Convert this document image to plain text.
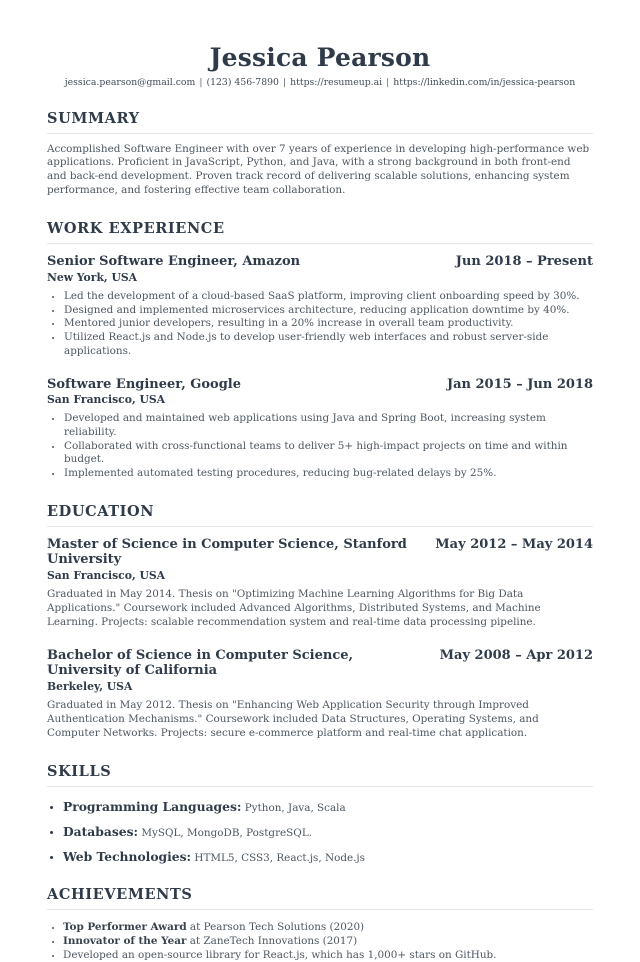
Jessica Pearson
jessica.pearson@gmail.com | (123) 456-7890 | https://resumeup.ai | https://linkedin.com/in/jessica-pearson
SUMMARY

Accomplished Software Engineer with over 7 years of experience in developing high-performance web applications. Proficient in JavaScript, Python, and Java, with a strong background in both front-end and back-end development. Proven track record of delivering scalable solutions, enhancing system performance, and fostering effective team collaboration.

WORK EXPERIENCE
Senior Software Engineer, Amazon	Jun 2018 – Present
New York, USA
• Led the development of a cloud-based SaaS platform, improving client onboarding speed by 30%.
• Designed and implemented microservices architecture, reducing application downtime by 40%.
• Mentored junior developers, resulting in a 20% increase in overall team productivity.
• Utilized React.js and Node.js to develop user-friendly web interfaces and robust server-side applications.
Software Engineer, Google	Jan 2015 – Jun 2018
San Francisco, USA
• Developed and maintained web applications using Java and Spring Boot, increasing system reliability.
• Collaborated with cross-functional teams to deliver 5+ high-impact projects on time and within budget.
• Implemented automated testing procedures, reducing bug-related delays by 25%.
EDUCATION
Master of Science in Computer Science, Stanford University
May 2012 – May 2014
San Francisco, USA

Graduated in May 2014. Thesis on "Optimizing Machine Learning Algorithms for Big Data Applications." Coursework included Advanced Algorithms, Distributed Systems, and Machine Learning. Projects: scalable recommendation system and real-time data processing pipeline.

Bachelor of Science in Computer Science, University of California
May 2008 – Apr 2012
Berkeley, USA

Graduated in May 2012. Thesis on "Enhancing Web Application Security through Improved Authentication Mechanisms." Coursework included Data Structures, Operating Systems, and Computer Networks. Projects: secure e-commerce platform and real-time chat application.

SKILLS
• Programming Languages: Python, Java, Scala
• Databases: MySQL, MongoDB, PostgreSQL.
• Web Technologies: HTML5, CSS3, React.js, Node.js
ACHIEVEMENTS
• Top Performer Award at Pearson Tech Solutions (2020)
• Innovator of the Year at ZaneTech Innovations (2017)
• Developed an open-source library for React.js, which has 1,000+ stars on GitHub.
